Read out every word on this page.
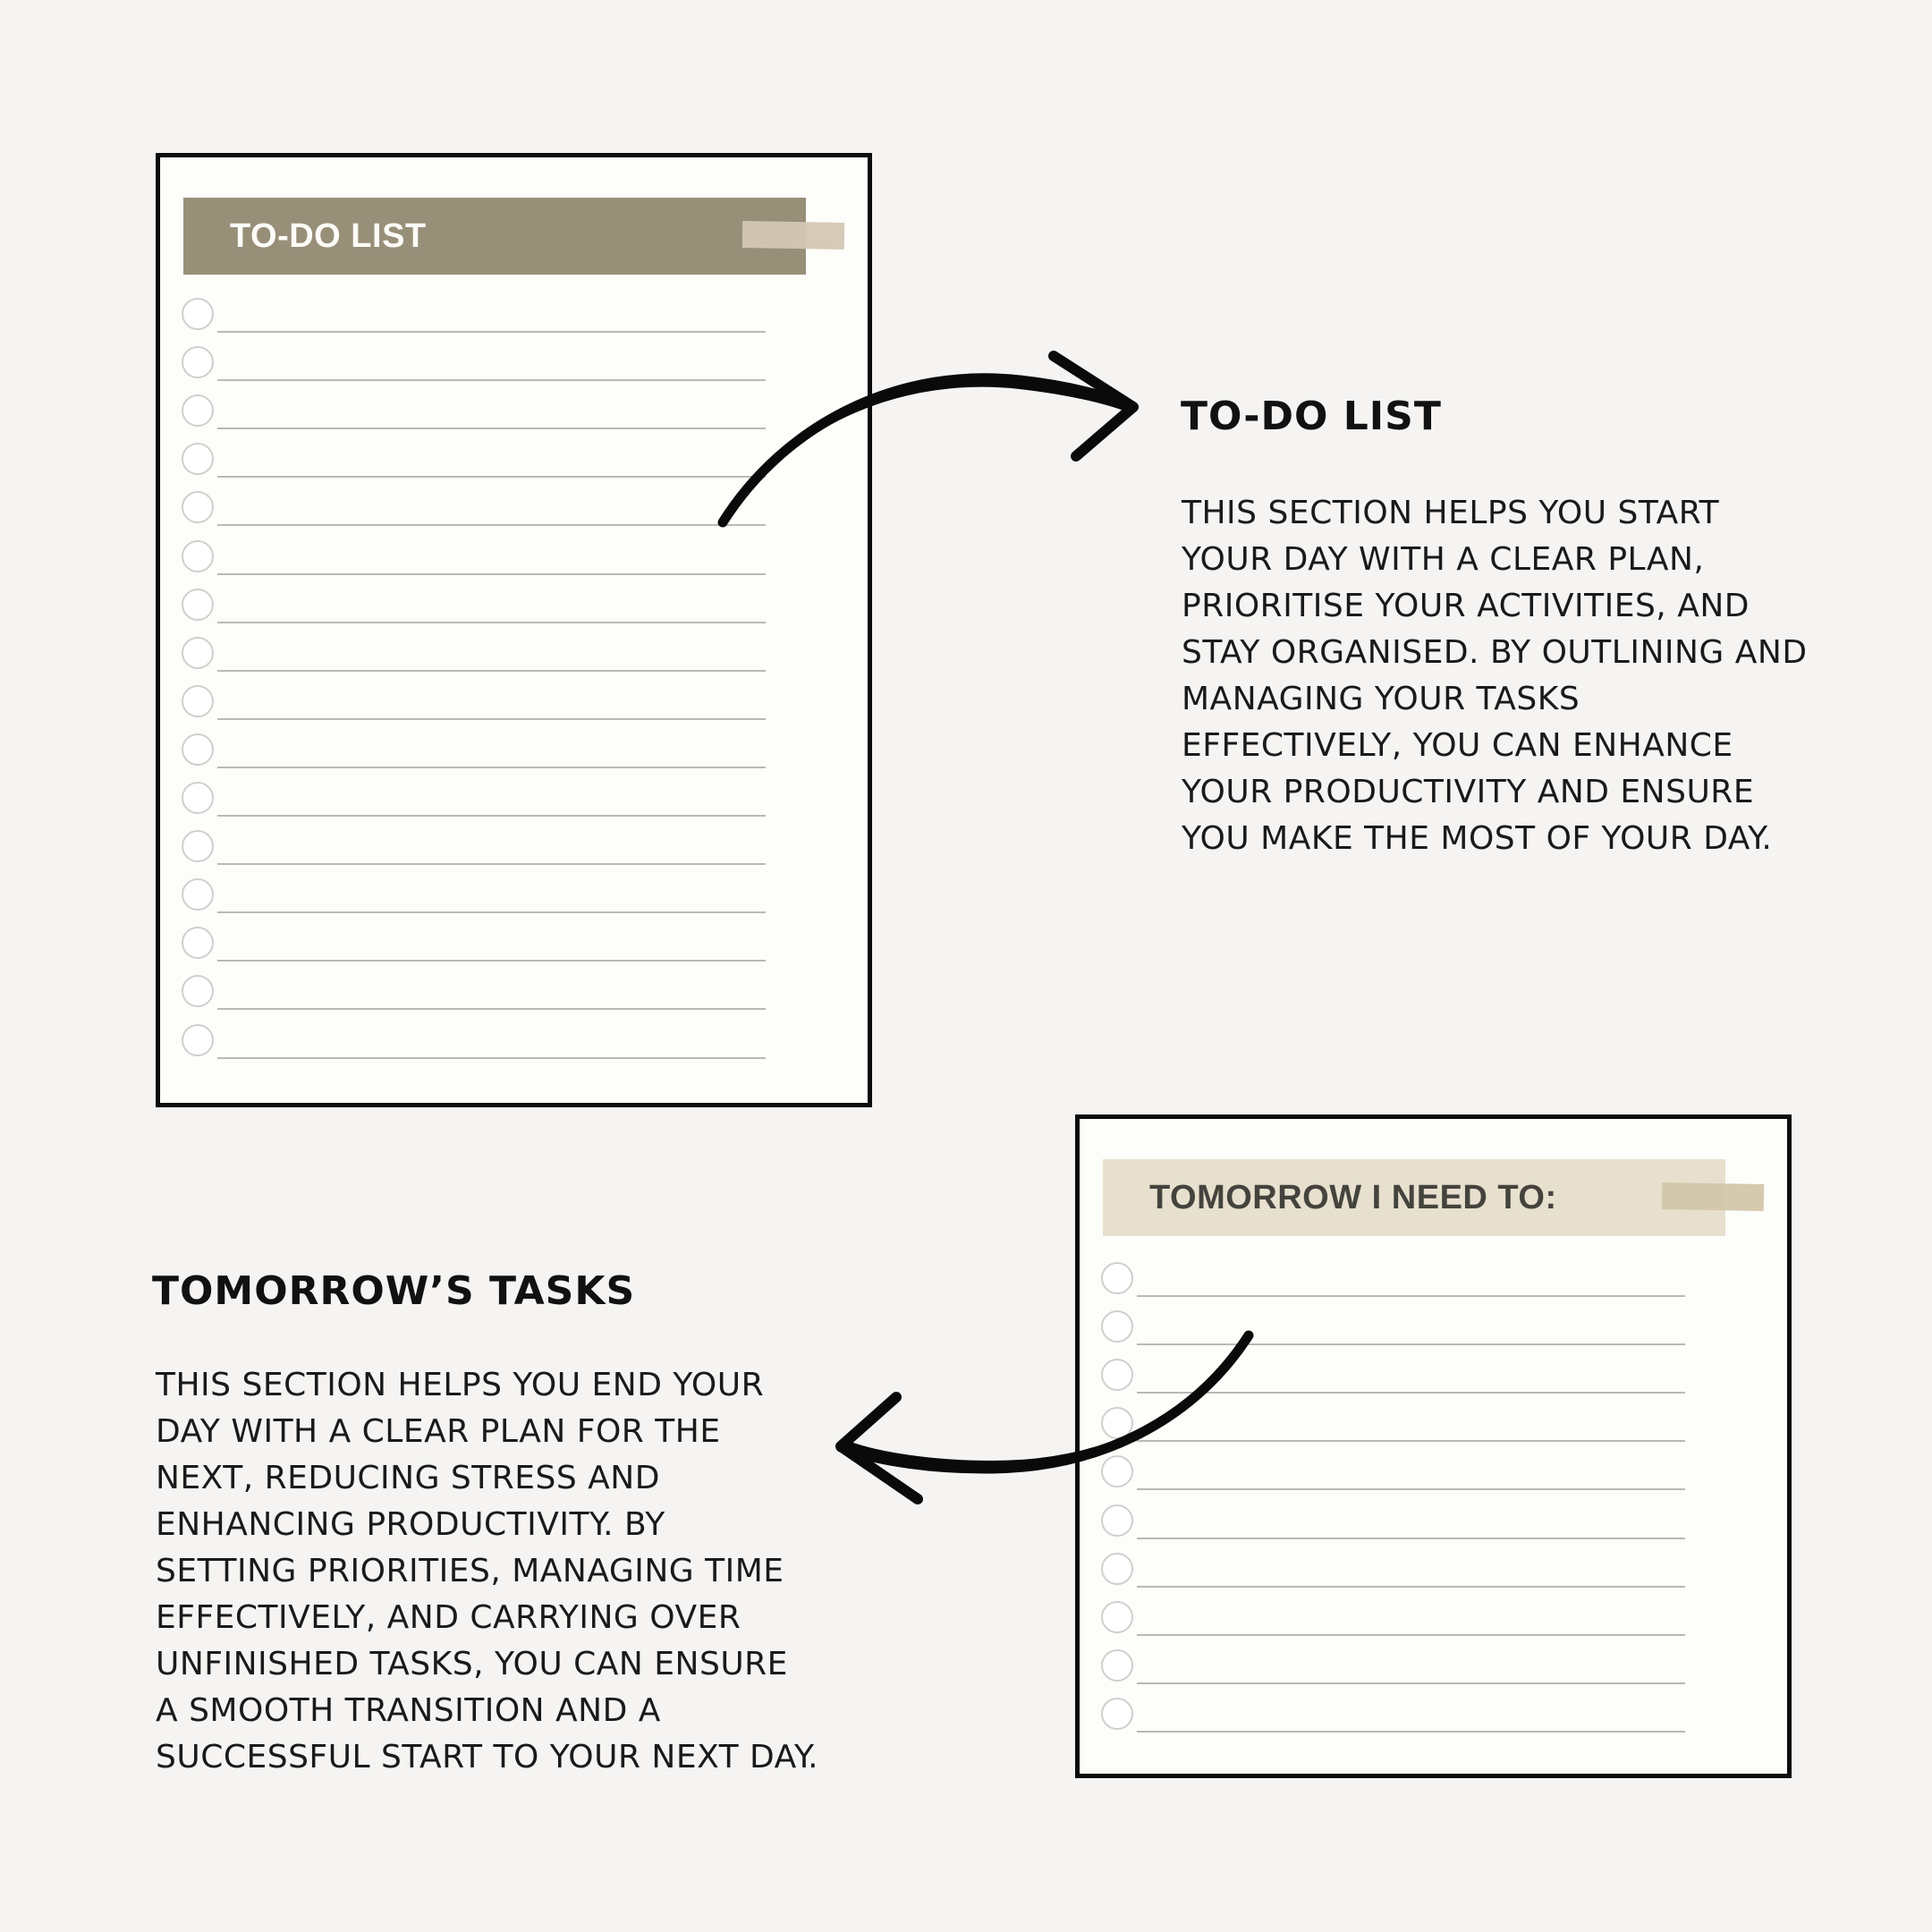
TO-DO LIST
TOMORROW I NEED TO:
TO-DO LIST
THIS SECTION HELPS YOU START
YOUR DAY WITH A CLEAR PLAN,
PRIORITISE YOUR ACTIVITIES, AND
STAY ORGANISED. BY OUTLINING AND
MANAGING YOUR TASKS
EFFECTIVELY, YOU CAN ENHANCE
YOUR PRODUCTIVITY AND ENSURE
YOU MAKE THE MOST OF YOUR DAY.
TOMORROW’S TASKS
THIS SECTION HELPS YOU END YOUR
DAY WITH A CLEAR PLAN FOR THE
NEXT, REDUCING STRESS AND
ENHANCING PRODUCTIVITY. BY
SETTING PRIORITIES, MANAGING TIME
EFFECTIVELY, AND CARRYING OVER
UNFINISHED TASKS, YOU CAN ENSURE
A SMOOTH TRANSITION AND A
SUCCESSFUL START TO YOUR NEXT DAY.
